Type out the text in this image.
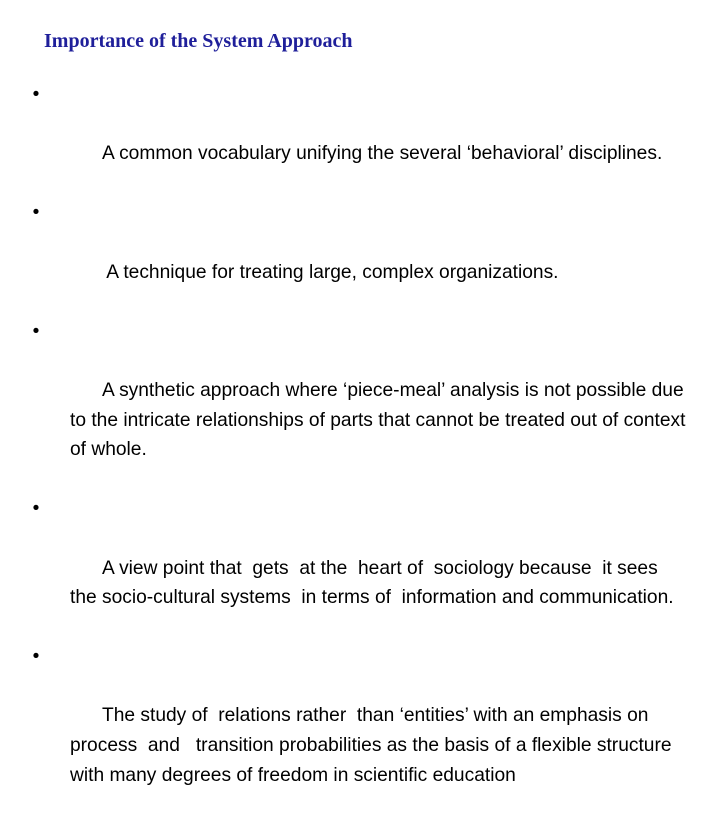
Importance of the System Approach

•

A common vocabulary unifying the several ‘behavioral’ disciplines.

•

A technique for treating large, complex organizations.

•

A synthetic approach where ‘piece-meal’ analysis is not possible due to the intricate relationships of parts that cannot be treated out of context of whole.

•

A view point that  gets  at the  heart of  sociology because  it sees   the socio-cultural systems  in terms of  information and communication.

•

The study of  relations rather  than ‘entities’ with an emphasis on process  and   transition probabilities as the basis of a flexible structure  with many degrees of freedom in scientific education
